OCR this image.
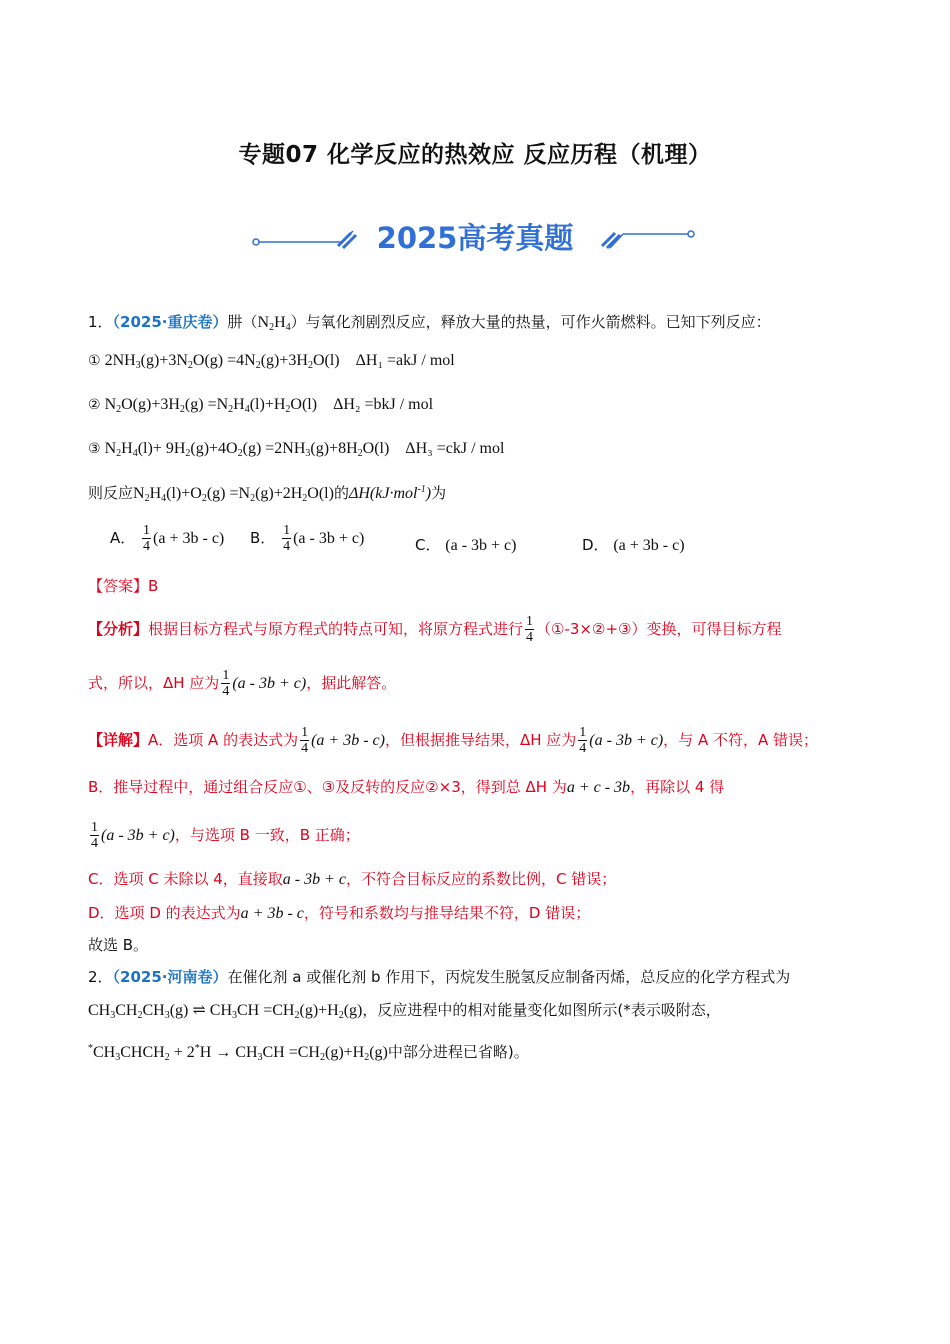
专题07 化学反应的热效应 反应历程（机理）
2025高考真题
1．（2025·重庆卷）肼$(N_2H_4)$与氧化剂剧烈反应，释放大量的热量，可作火箭燃料。已知下列反应：
① $2NH_3(g)+3N_2O(g) =4N_2(g)+3H_2O(l)$ ΔH₁ =akJ / mol
② $N_2O(g)+3H_2(g) =N_2H_4(l)+H_2O(l)$ ΔH₂ =bkJ / mol
③ $N_2H_4(l)+ 9H_2(g)+4O_2(g) =2NH_3(g)+8H_2O(l)$ ΔH₃ =ckJ / mol
则反应$N_2H_4(l)+O_2(g) =N_2(g)+2H_2O(l)$的ΔH(kJ·mol$^{-1}$)为
A． $\frac{1}{4} (a + 3b - c)$ B． $\frac{1}{4} (a - 3b + c)$	C． (a - 3b + c)	D． (a + 3b - c)
【答案】B
【分析】根据目标方程式与原方程式的特点可知，将原方程式进行 $\frac{1}{4}$ （①-3×②+③）变换，可得目标方程
式，所以，ΔH 应为 $\frac{1}{4} (a - 3b + c)$，据此解答。
【详解】A．选项 A 的表达式为 $\frac{1}{4} (a + 3b - c)$，但根据推导结果，ΔH 应为 $\frac{1}{4} (a - 3b + c)$，与 A 不符，A 错误；
B．推导过程中，通过组合反应①、③及反转的反应②×3，得到总 ΔH 为a + c - 3b，再除以 4 得
$\frac{1}{4} (a - 3b + c)$，与选项 B 一致，B 正确；
C．选项 C 未除以 4，直接取a - 3b + c，不符合目标反应的系数比例，C 错误；
D．选项 D 的表达式为a + 3b - c，符号和系数均与推导结果不符，D 错误；
故选 B。
2．（2025·河南卷）在催化剂 a 或催化剂 b 作用下，丙烷发生脱氢反应制备丙烯，总反应的化学方程式为
$CH_3CH_2CH_3(g)$ ⇌ $CH_3CH =CH_2(g)+H_2(g)$，反应进程中的相对能量变化如图所示(*表示吸附态，
$^*CH_3CHCH_2 + 2^*H \to CH_3CH =CH_2(g)+H_2(g)$中部分进程已省略)。
